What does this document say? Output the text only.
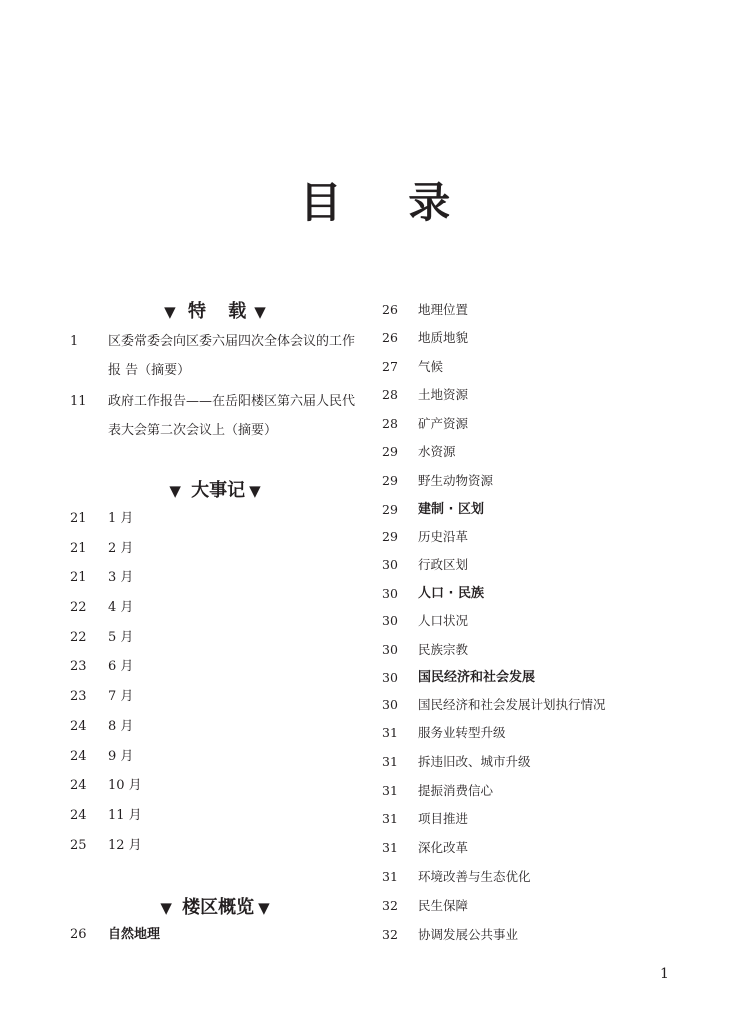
目 录
▼ 特 载▼
1	区委常委会向区委六届四次全体会议的工作 报 告（摘要）
11	政府工作报告——在岳阳楼区第六届人民代表大会第二次会议上（摘要）
▼ 大事记 ▼
21	1 月
21	2 月
21	3 月
22	4 月
22	5 月
23	6 月
23	7 月
24	8 月
24	9 月
24	10 月
24	11 月
25	12 月
▼ 楼区概览 ▼
26	自然地理
26	地理位置
26	地质地貌
27	气候
28	土地资源
28	矿产资源
29	水资源
29	野生动物资源
29	建制 · 区划
29	历史沿革
30	行政区划
30	人口 · 民族
30	人口状况
30	民族宗教
30	国民经济和社会发展
30	国民经济和社会发展计划执行情况
31	服务业转型升级
31	拆违旧改、城市升级
31	提振消费信心
31	项目推进
31	深化改革
31	环境改善与生态优化
32	民生保障
32	协调发展公共事业
1
